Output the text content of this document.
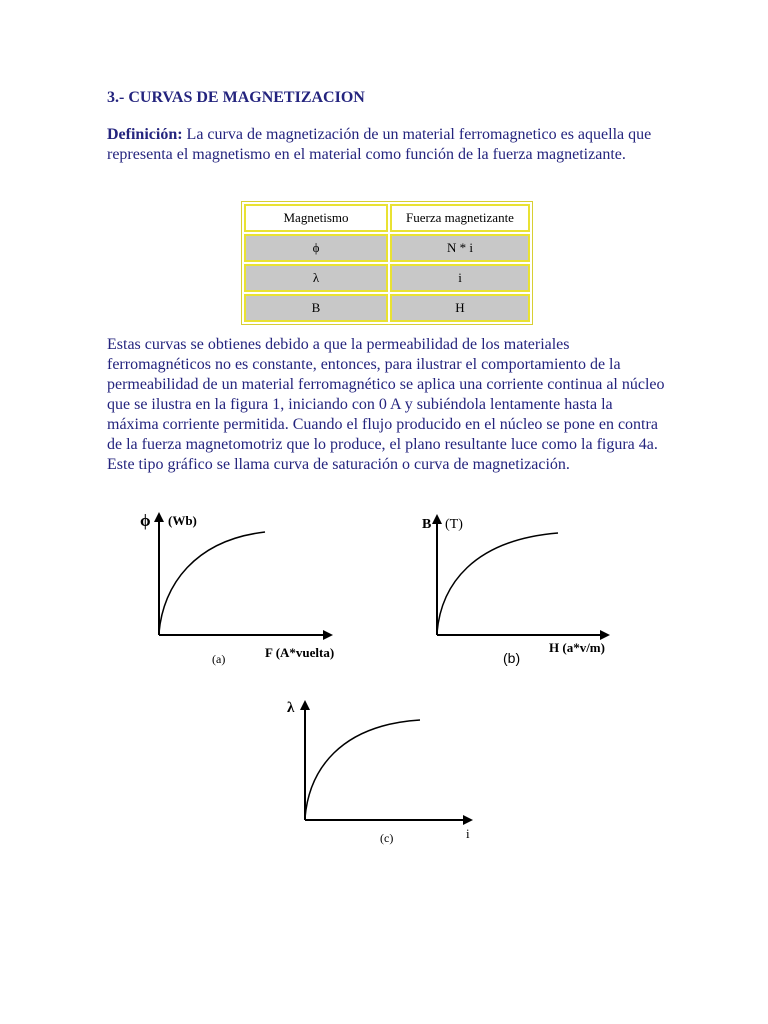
3.- CURVAS DE MAGNETIZACION

Definición: La curva de magnetización de un material ferromagnetico es aquella que representa el magnetismo en el material como función de la fuerza magnetizante.

Magnetismo	Fuerza magnetizante
ϕ	N * i
λ	i
B	H

Estas curvas se obtienes debido a que la permeabilidad de los materiales ferromagnéticos no es constante, entonces, para ilustrar el comportamiento de la permeabilidad de un material ferromagnético se aplica una corriente continua al núcleo que se ilustra en la figura 1, iniciando con 0 A y subiéndola lentamente hasta la máxima corriente permitida. Cuando el flujo producido en el núcleo se pone en contra de la fuerza magnetomotriz que lo produce, el plano resultante luce como la figura 4a. Este tipo gráfico se llama curva de saturación o curva de magnetización.

ϕ (Wb)
F (A*vuelta)
(a)
B (T)
H (a*v/m)
(b)
λ
i
(c)
